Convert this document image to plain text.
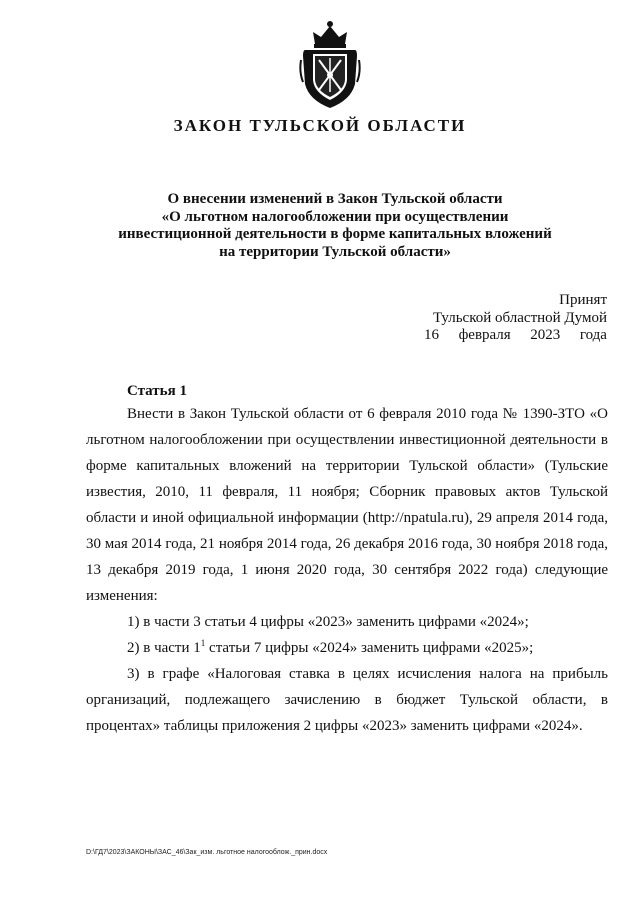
ЗАКОН ТУЛЬСКОЙ ОБЛАСТИ
О внесении изменений в Закон Тульской области
«О льготном налогообложении при осуществлении
инвестиционной деятельности в форме капитальных вложений
на территории Тульской области»
Принят
Тульской областной Думой
16 февраля 2023 года
Статья 1

Внести в Закон Тульской области от 6 февраля 2010 года № 1390-ЗТО «О льготном налогообложении при осуществлении инвестиционной деятельности в форме капитальных вложений на территории Тульской области» (Тульские известия, 2010, 11 февраля, 11 ноября; Сборник правовых актов Тульской области и иной официальной информации (http://npatula.ru), 29 апреля 2014 года, 30 мая 2014 года, 21 ноября 2014 года, 26 декабря 2016 года, 30 ноября 2018 года, 13 декабря 2019 года, 1 июня 2020 года, 30 сентября 2022 года) следующие изменения:

1) в части 3 статьи 4 цифры «2023» заменить цифрами «2024»;

2) в части $1^1$ статьи 7 цифры «2024» заменить цифрами «2025»;

3) в графе «Налоговая ставка в целях исчисления налога на прибыль организаций, подлежащего зачислению в бюджет Тульской области, в процентах» таблицы приложения 2 цифры «2023» заменить цифрами «2024».

D:\ГД7\2023\ЗАКОНЫ\ЗАС_46\Зак_изм. льготное налогооблож._прин.docx
